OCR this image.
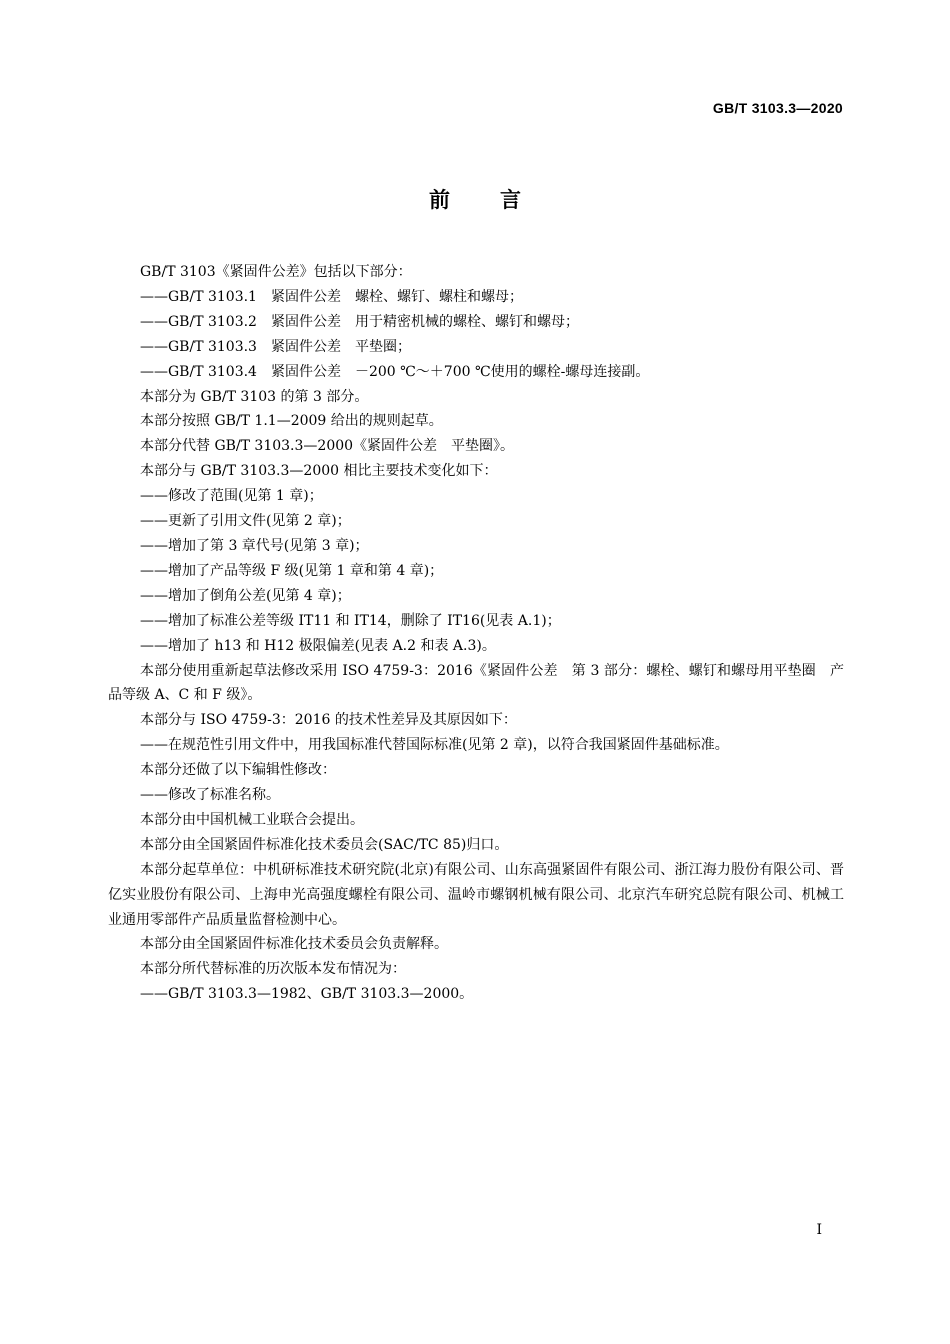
GB/T 3103.3—2020
前言

GB/T 3103《紧固件公差》包括以下部分：

——GB/T 3103.1　紧固件公差　螺栓、螺钉、螺柱和螺母；

——GB/T 3103.2　紧固件公差　用于精密机械的螺栓、螺钉和螺母；

——GB/T 3103.3　紧固件公差　平垫圈；

——GB/T 3103.4　紧固件公差　－200 ℃～＋700 ℃使用的螺栓-螺母连接副。

本部分为 GB/T 3103 的第 3 部分。

本部分按照 GB/T 1.1—2009 给出的规则起草。

本部分代替 GB/T 3103.3—2000《紧固件公差　平垫圈》。

本部分与 GB/T 3103.3—2000 相比主要技术变化如下：

——修改了范围(见第 1 章)；

——更新了引用文件(见第 2 章)；

——增加了第 3 章代号(见第 3 章)；

——增加了产品等级 F 级(见第 1 章和第 4 章)；

——增加了倒角公差(见第 4 章)；

——增加了标准公差等级 IT11 和 IT14，删除了 IT16(见表 A.1)；

——增加了 h13 和 H12 极限偏差(见表 A.2 和表 A.3)。

本部分使用重新起草法修改采用 ISO 4759-3：2016《紧固件公差　第 3 部分：螺栓、螺钉和螺母用平垫圈　产品等级 A、C 和 F 级》。

本部分与 ISO 4759-3：2016 的技术性差异及其原因如下：

——在规范性引用文件中，用我国标准代替国际标准(见第 2 章)，以符合我国紧固件基础标准。

本部分还做了以下编辑性修改：

——修改了标准名称。

本部分由中国机械工业联合会提出。

本部分由全国紧固件标准化技术委员会(SAC/TC 85)归口。

本部分起草单位：中机研标准技术研究院(北京)有限公司、山东高强紧固件有限公司、浙江海力股份有限公司、晋亿实业股份有限公司、上海申光高强度螺栓有限公司、温岭市螺钢机械有限公司、北京汽车研究总院有限公司、机械工业通用零部件产品质量监督检测中心。

本部分由全国紧固件标准化技术委员会负责解释。

本部分所代替标准的历次版本发布情况为：

——GB/T 3103.3—1982、GB/T 3103.3—2000。

I
